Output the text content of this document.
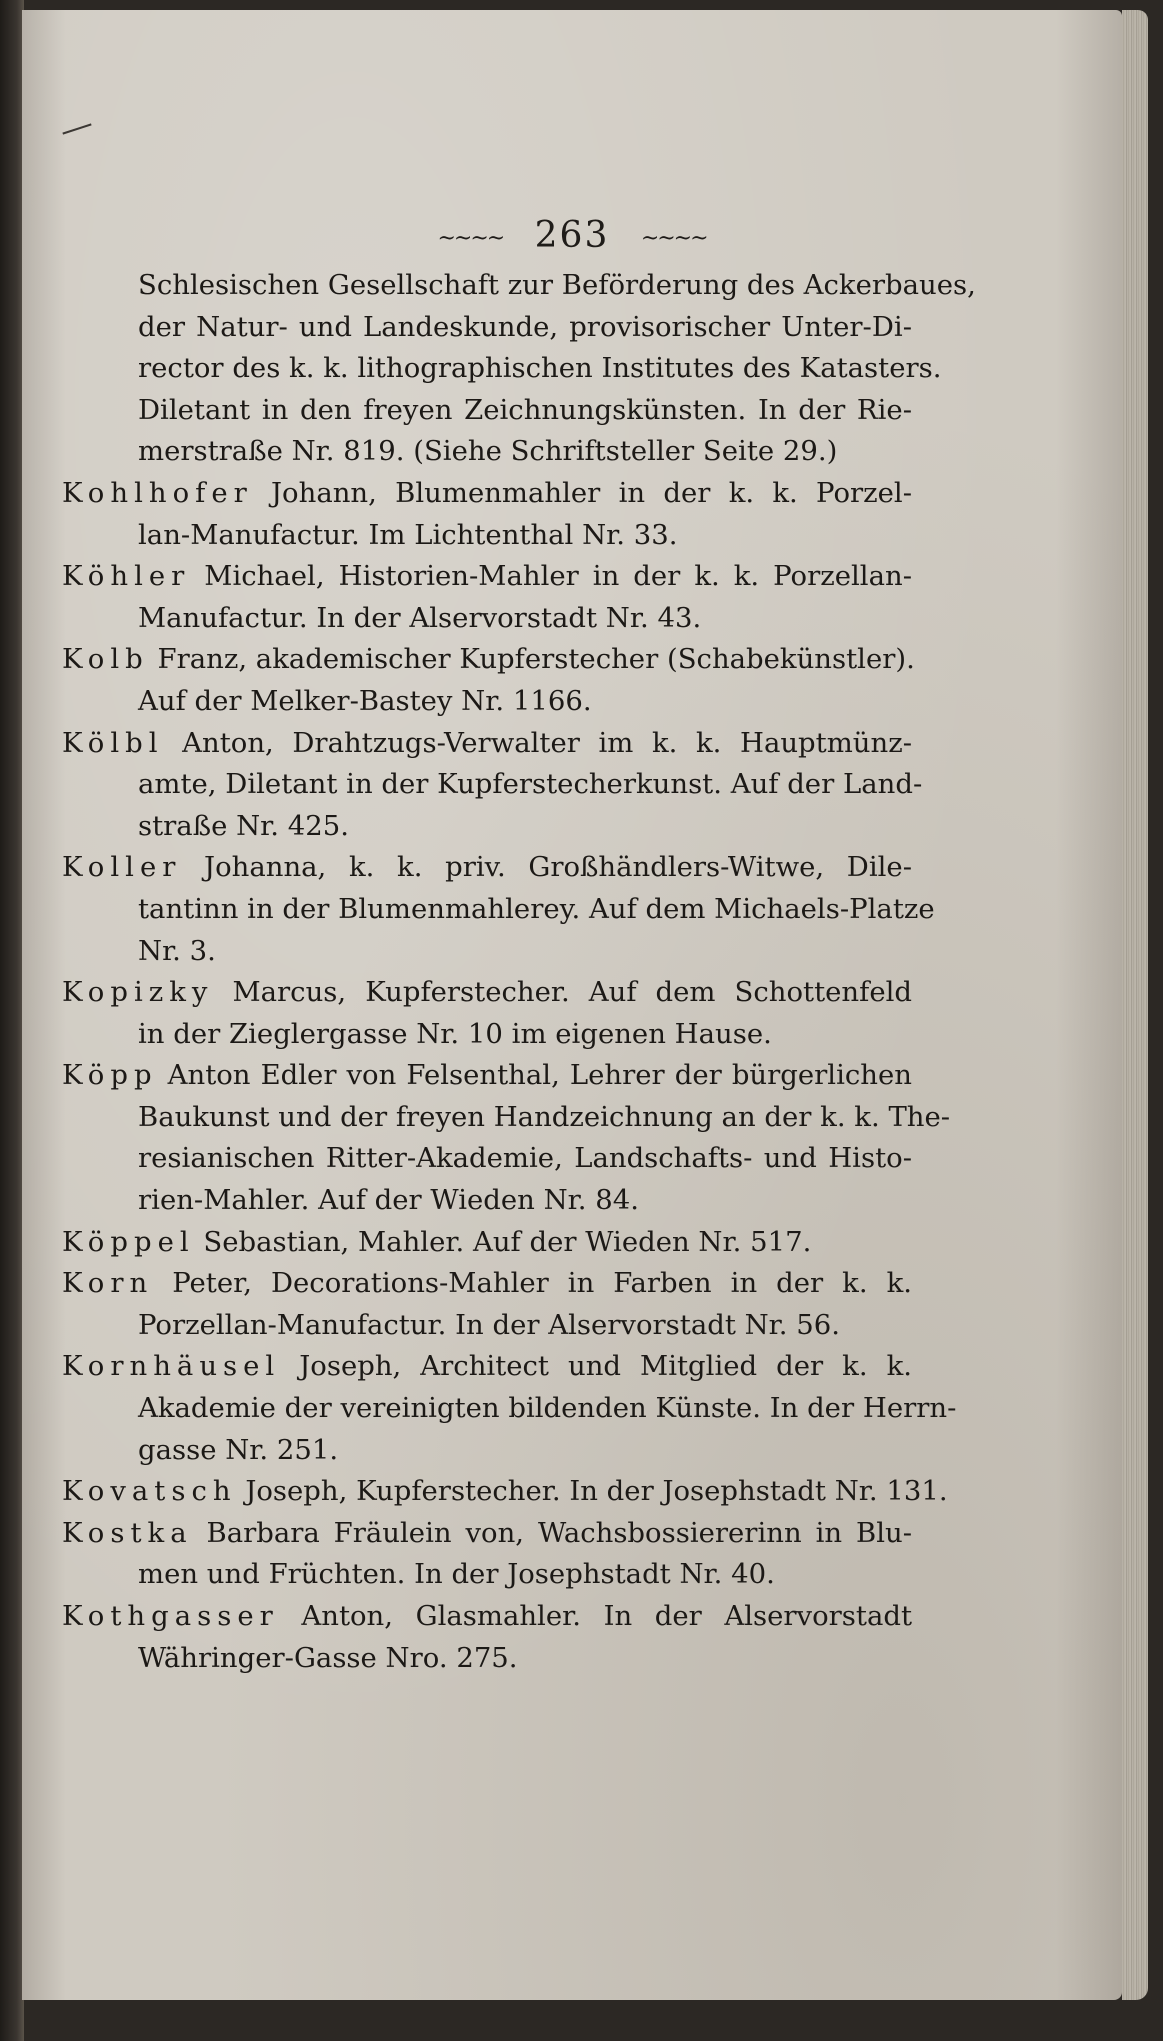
~~~~ 263 ~~~~
Schlesischen Gesellschaft zur Beförderung des Ackerbaues,
der Natur- und Landeskunde, provisorischer Unter-Di-
rector des k. k. lithographischen Institutes des Katasters.
Diletant in den freyen Zeichnungskünsten. In der Rie-
merstraße Nr. 819. (Siehe Schriftsteller Seite 29.)
Kohlhofer Johann, Blumenmahler in der k. k. Porzel-
lan-Manufactur. Im Lichtenthal Nr. 33.
Köhler Michael, Historien-Mahler in der k. k. Porzellan-
Manufactur. In der Alservorstadt Nr. 43.
Kolb Franz, akademischer Kupferstecher (Schabekünstler).
Auf der Melker-Bastey Nr. 1166.
Kölbl Anton, Drahtzugs-Verwalter im k. k. Hauptmünz-
amte, Diletant in der Kupferstecherkunst. Auf der Land-
straße Nr. 425.
Koller Johanna, k. k. priv. Großhändlers-Witwe, Dile-
tantinn in der Blumenmahlerey. Auf dem Michaels-Platze
Nr. 3.
Kopizky Marcus, Kupferstecher. Auf dem Schottenfeld
in der Zieglergasse Nr. 10 im eigenen Hause.
Köpp Anton Edler von Felsenthal, Lehrer der bürgerlichen
Baukunst und der freyen Handzeichnung an der k. k. The-
resianischen Ritter-Akademie, Landschafts- und Histo-
rien-Mahler. Auf der Wieden Nr. 84.
Köppel Sebastian, Mahler. Auf der Wieden Nr. 517.
Korn Peter, Decorations-Mahler in Farben in der k. k.
Porzellan-Manufactur. In der Alservorstadt Nr. 56.
Kornhäusel Joseph, Architect und Mitglied der k. k.
Akademie der vereinigten bildenden Künste. In der Herrn-
gasse Nr. 251.
Kovatsch Joseph, Kupferstecher. In der Josephstadt Nr. 131.
Kostka Barbara Fräulein von, Wachsbossiererinn in Blu-
men und Früchten. In der Josephstadt Nr. 40.
Kothgasser Anton, Glasmahler. In der Alservorstadt
Währinger-Gasse Nro. 275.
